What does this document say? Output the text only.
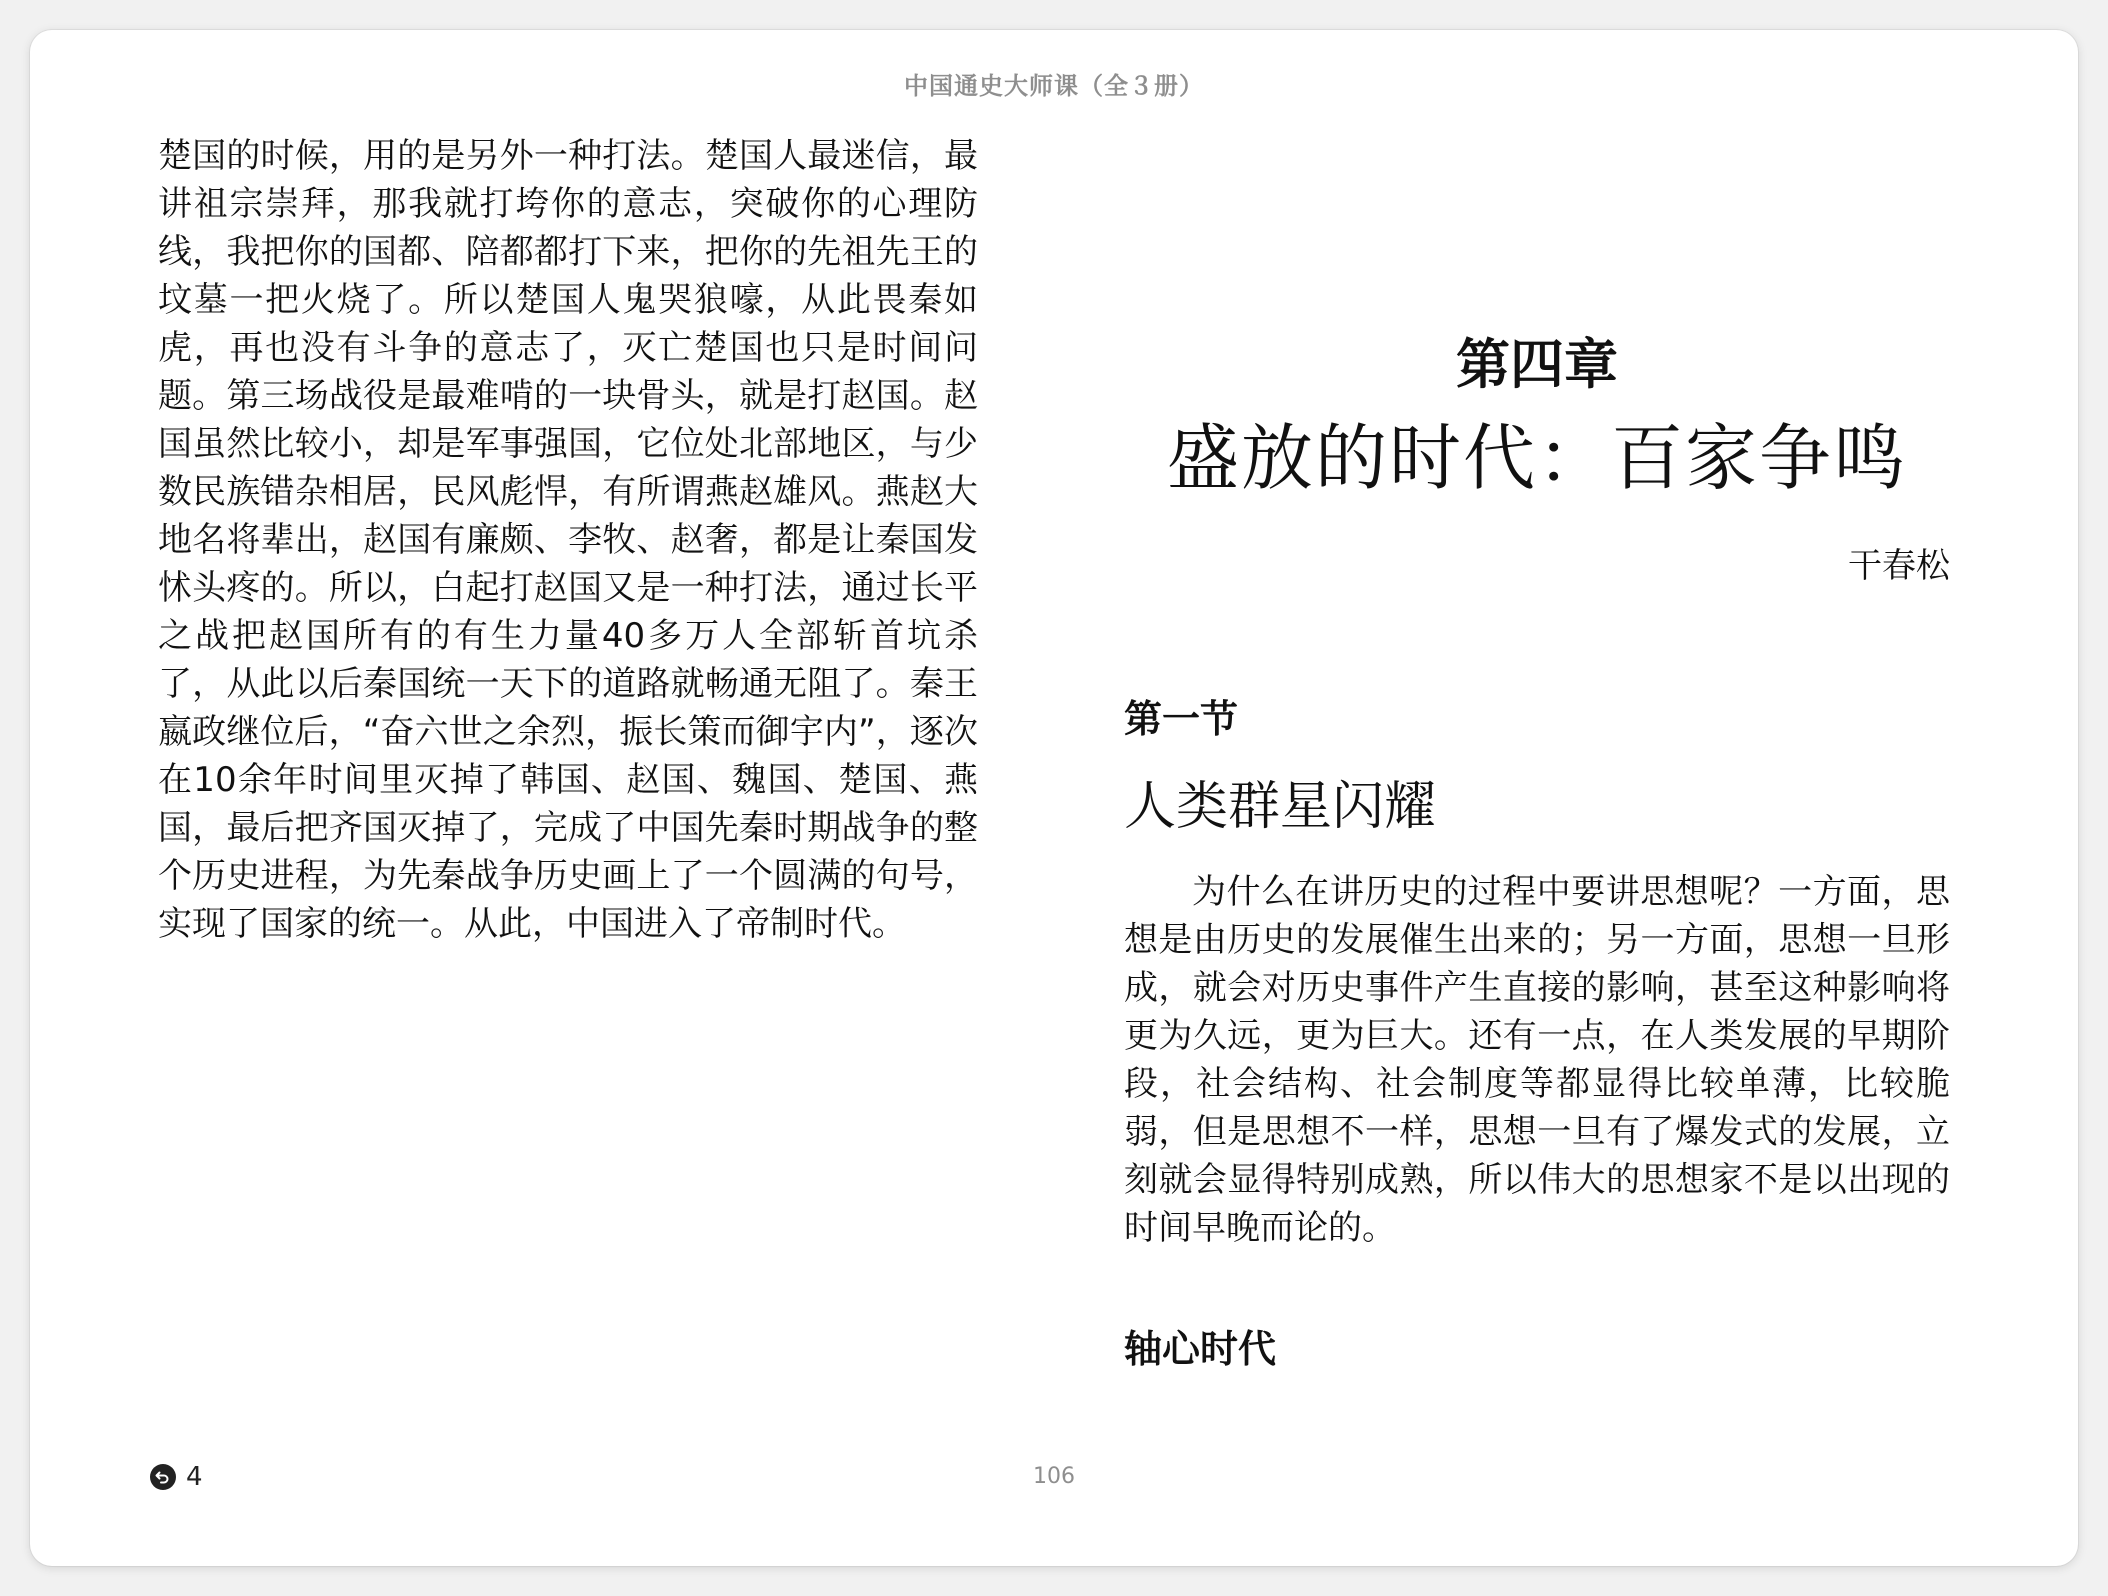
中国通史大师课（全３册）

楚国的时候，用的是另外一种打法。楚国人最迷信，最讲祖宗崇拜，那我就打垮你的意志，突破你的心理防线，我把你的国都、陪都都打下来，把你的先祖先王的坟墓一把火烧了。所以楚国人鬼哭狼嚎，从此畏秦如虎，再也没有斗争的意志了，灭亡楚国也只是时间问题。第三场战役是最难啃的一块骨头，就是打赵国。赵国虽然比较小，却是军事强国，它位处北部地区，与少数民族错杂相居，民风彪悍，有所谓燕赵雄风。燕赵大地名将辈出，赵国有廉颇、李牧、赵奢，都是让秦国发怵头疼的。所以，白起打赵国又是一种打法，通过长平之战把赵国所有的有生力量40多万人全部斩首坑杀了，从此以后秦国统一天下的道路就畅通无阻了。秦王嬴政继位后，“奋六世之余烈，振长策而御宇内”，逐次在10余年时间里灭掉了韩国、赵国、魏国、楚国、燕国，最后把齐国灭掉了，完成了中国先秦时期战争的整个历史进程，为先秦战争历史画上了一个圆满的句号，实现了国家的统一。从此，中国进入了帝制时代。

第四章
盛放的时代：百家争鸣
干春松
第一节
人类群星闪耀

为什么在讲历史的过程中要讲思想呢？一方面，思想是由历史的发展催生出来的；另一方面，思想一旦形成，就会对历史事件产生直接的影响，甚至这种影响将更为久远，更为巨大。还有一点，在人类发展的早期阶段，社会结构、社会制度等都显得比较单薄，比较脆弱，但是思想不一样，思想一旦有了爆发式的发展，立刻就会显得特别成熟，所以伟大的思想家不是以出现的时间早晚而论的。

轴心时代
4	106
